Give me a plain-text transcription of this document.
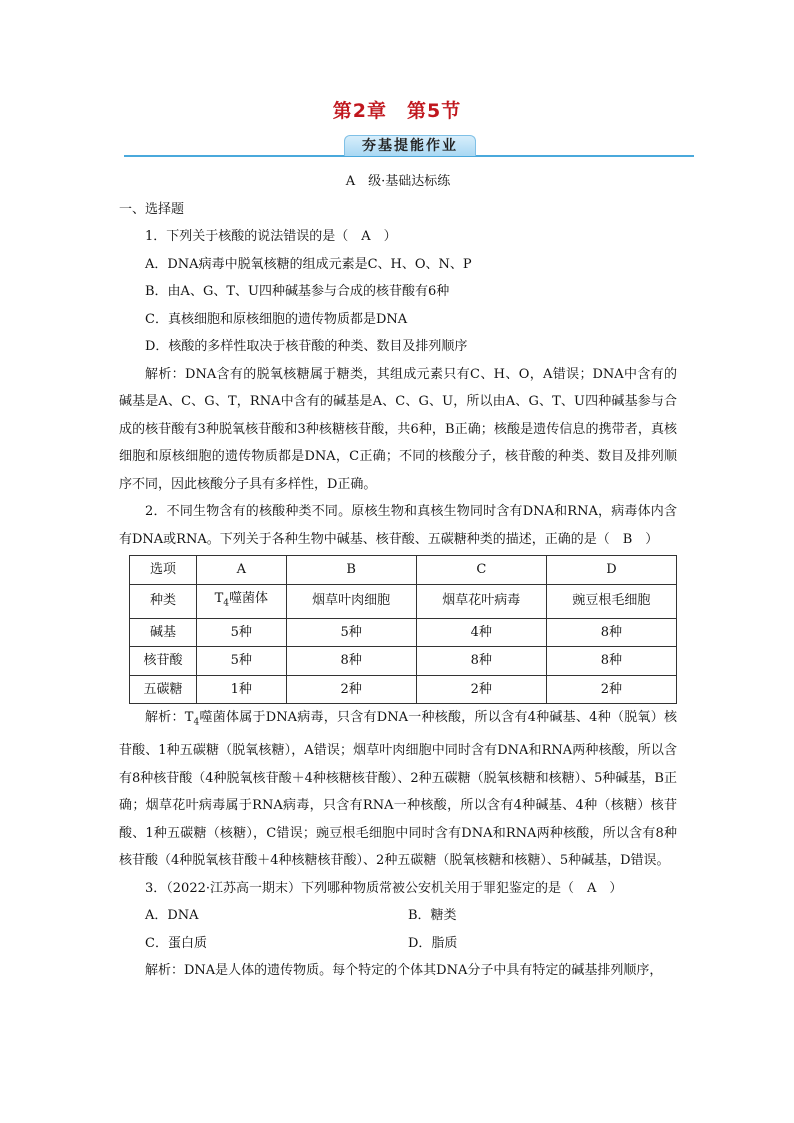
第2章　第5节
夯基提能作业

A　级·基础达标练

一、选择题

1．下列关于核酸的说法错误的是（　A　）

A．DNA病毒中脱氧核糖的组成元素是C、H、O、N、P

B．由A、G、T、U四种碱基参与合成的核苷酸有6种

C．真核细胞和原核细胞的遗传物质都是DNA

D．核酸的多样性取决于核苷酸的种类、数目及排列顺序

解析：DNA含有的脱氧核糖属于糖类，其组成元素只有C、H、O，A错误；DNA中含有的碱基是A、C、G、T，RNA中含有的碱基是A、C、G、U，所以由A、G、T、U四种碱基参与合成的核苷酸有3种脱氧核苷酸和3种核糖核苷酸，共6种，B正确；核酸是遗传信息的携带者，真核细胞和原核细胞的遗传物质都是DNA，C正确；不同的核酸分子，核苷酸的种类、数目及排列顺序不同，因此核酸分子具有多样性，D正确。

2．不同生物含有的核酸种类不同。原核生物和真核生物同时含有DNA和RNA，病毒体内含有DNA或RNA。下列关于各种生物中碱基、核苷酸、五碳糖种类的描述，正确的是（　B　）

选项	A	B	C	D
种类	$T_4$噬菌体	烟草叶肉细胞	烟草花叶病毒	豌豆根毛细胞
碱基	5种	5种	4种	8种
核苷酸	5种	8种	8种	8种
五碳糖	1种	2种	2种	2种

解析：$T_4$噬菌体属于DNA病毒，只含有DNA一种核酸，所以含有4种碱基、4种（脱氧）核苷酸、1种五碳糖（脱氧核糖），A错误；烟草叶肉细胞中同时含有DNA和RNA两种核酸，所以含有8种核苷酸（4种脱氧核苷酸＋4种核糖核苷酸）、2种五碳糖（脱氧核糖和核糖）、5种碱基，B正确；烟草花叶病毒属于RNA病毒，只含有RNA一种核酸，所以含有4种碱基、4种（核糖）核苷酸、1种五碳糖（核糖），C错误；豌豆根毛细胞中同时含有DNA和RNA两种核酸，所以含有8种核苷酸（4种脱氧核苷酸＋4种核糖核苷酸）、2种五碳糖（脱氧核糖和核糖）、5种碱基，D错误。

3．（2022·江苏高一期末）下列哪种物质常被公安机关用于罪犯鉴定的是（　A　）

A．DNA	B．糖类
C．蛋白质	D．脂质

解析：DNA是人体的遗传物质。每个特定的个体其DNA分子中具有特定的碱基排列顺序，
